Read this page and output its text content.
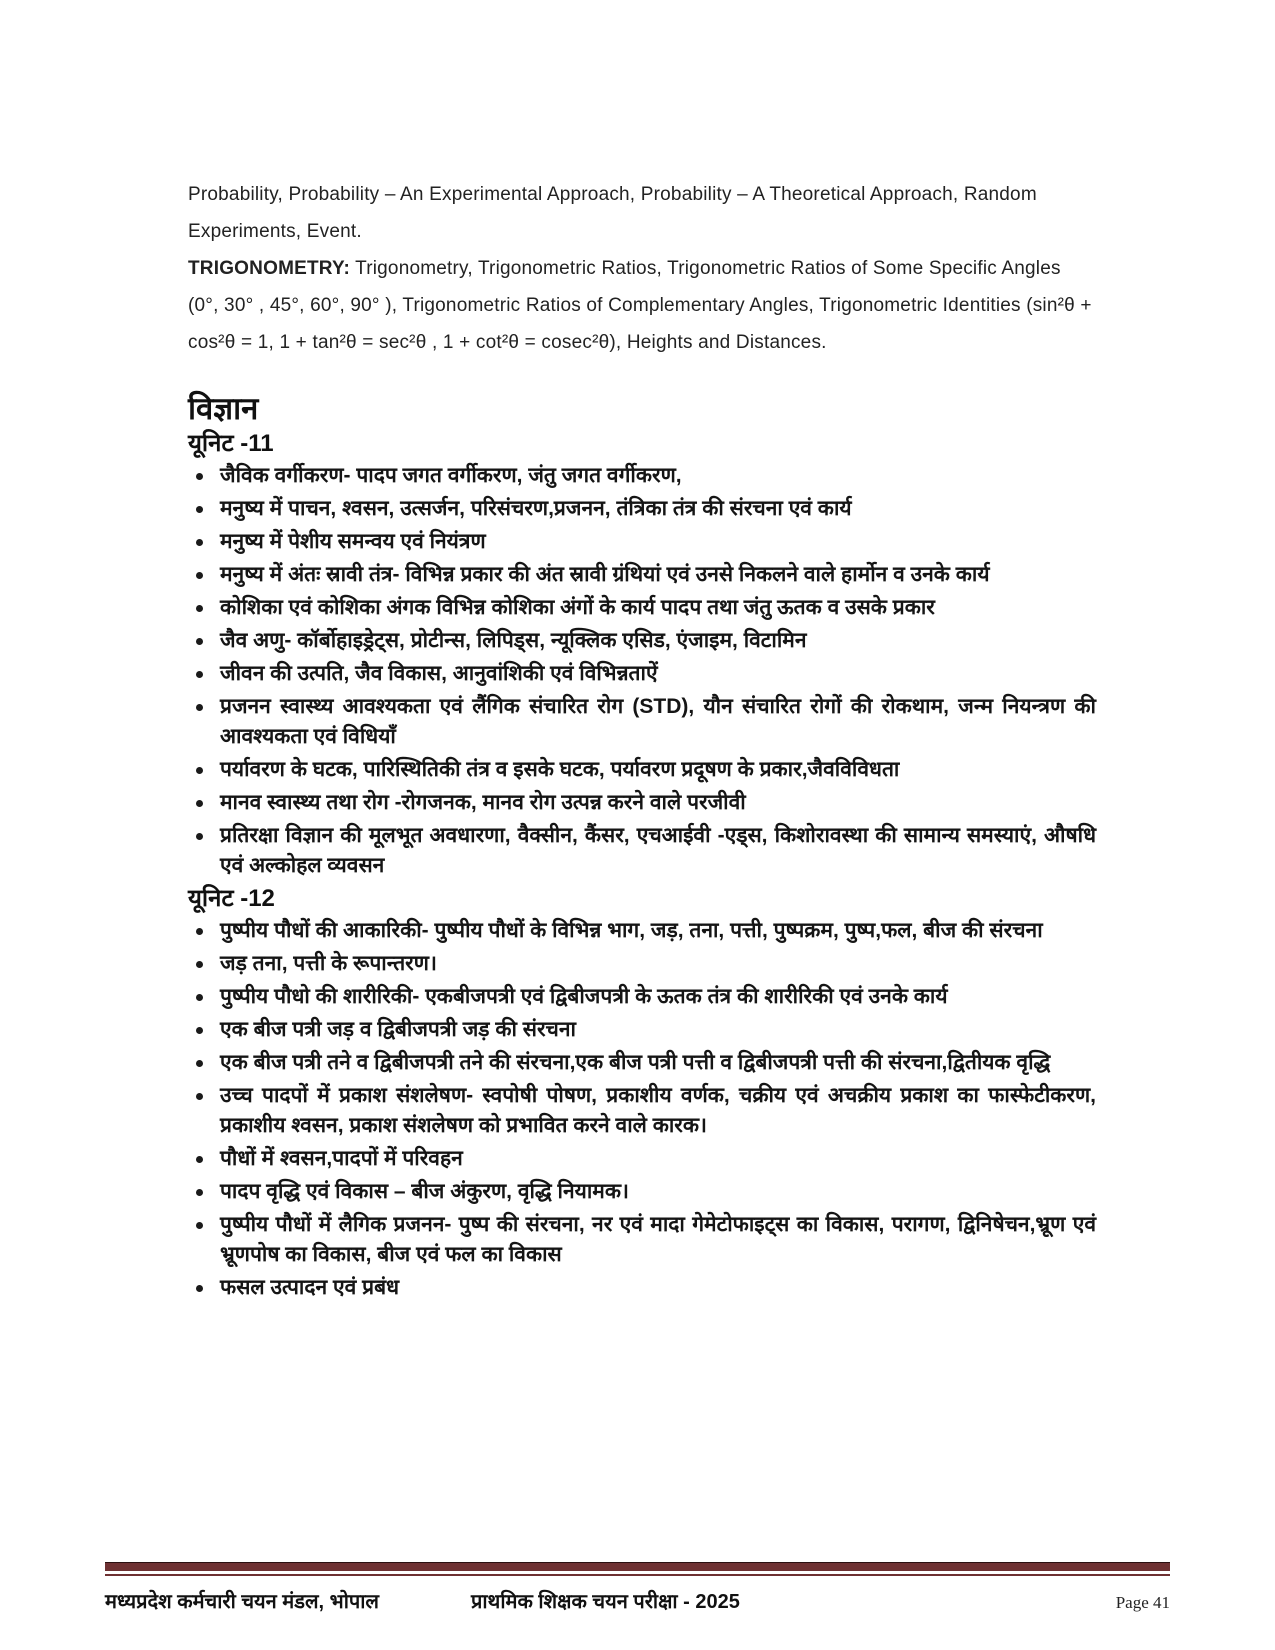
Probability, Probability – An Experimental Approach, Probability – A Theoretical Approach, Random Experiments, Event.

TRIGONOMETRY: Trigonometry, Trigonometric Ratios, Trigonometric Ratios of Some Specific Angles (0°, 30° , 45°, 60°, 90° ), Trigonometric Ratios of Complementary Angles, Trigonometric Identities (sin²θ + cos²θ = 1, 1 + tan²θ = sec²θ , 1 + cot²θ = cosec²θ), Heights and Distances.

विज्ञान
यूनिट -11
जैविक वर्गीकरण- पादप जगत वर्गीकरण, जंतु जगत वर्गीकरण,
मनुष्य में पाचन, श्वसन, उत्सर्जन, परिसंचरण,प्रजनन, तंत्रिका तंत्र की संरचना एवं कार्य
मनुष्य में पेशीय समन्वय एवं नियंत्रण
मनुष्य में अंतः स्रावी तंत्र- विभिन्न प्रकार की अंत स्रावी ग्रंथियां एवं उनसे निकलने वाले हार्मोन व उनके कार्य
कोशिका एवं कोशिका अंगक विभिन्न कोशिका अंगों के कार्य पादप तथा जंतु ऊतक व उसके प्रकार
जैव अणु- कॉर्बोहाइड्रेट्स, प्रोटीन्स, लिपिड्स, न्यूक्लिक एसिड, एंजाइम, विटामिन
जीवन की उत्पति, जैव विकास, आनुवांशिकी एवं विभिन्नताऐं
प्रजनन स्वास्थ्य आवश्यकता एवं लैंगिक संचारित रोग (STD), यौन संचारित रोगों की रोकथाम, जन्म नियन्त्रण की आवश्यकता एवं विधियाँ
पर्यावरण के घटक, पारिस्थितिकी तंत्र व इसके घटक, पर्यावरण प्रदूषण के प्रकार,जैवविविधता
मानव स्वास्थ्य तथा रोग -रोगजनक, मानव रोग उत्पन्न करने वाले परजीवी
प्रतिरक्षा विज्ञान की मूलभूत अवधारणा, वैक्सीन, कैंसर, एचआईवी -एड्स, किशोरावस्था की सामान्य समस्याएं, औषधि एवं अल्कोहल व्यवसन
यूनिट -12
पुष्पीय पौधों की आकारिकी- पुष्पीय पौधों के विभिन्न भाग, जड़, तना, पत्ती, पुष्पक्रम, पुष्प,फल, बीज की संरचना
जड़ तना, पत्ती के रूपान्तरण।
पुष्पीय पौधो की शारीरिकी- एकबीजपत्री एवं द्विबीजपत्री के ऊतक तंत्र की शारीरिकी एवं उनके कार्य
एक बीज पत्री जड़ व द्विबीजपत्री जड़ की संरचना
एक बीज पत्री तने व द्विबीजपत्री तने की संरचना,एक बीज पत्री पत्ती व द्विबीजपत्री पत्ती की संरचना,द्वितीयक वृद्धि
उच्च पादपों में प्रकाश संशलेषण- स्वपोषी पोषण, प्रकाशीय वर्णक, चक्रीय एवं अचक्रीय प्रकाश का फास्फेटीकरण, प्रकाशीय श्वसन, प्रकाश संशलेषण को प्रभावित करने वाले कारक।
पौधों में श्वसन,पादपों में परिवहन
पादप वृद्धि एवं विकास – बीज अंकुरण, वृद्धि नियामक।
पुष्पीय पौधों में लैगिक प्रजनन- पुष्प की संरचना, नर एवं मादा गेमेटोफाइट्स का विकास, परागण, द्विनिषेचन,भ्रूण एवं भ्रूणपोष का विकास, बीज एवं फल का विकास
फसल उत्पादन एवं प्रबंध
मध्यप्रदेश कर्मचारी चयन मंडल, भोपाल	प्राथमिक शिक्षक चयन परीक्षा - 2025	Page 41
